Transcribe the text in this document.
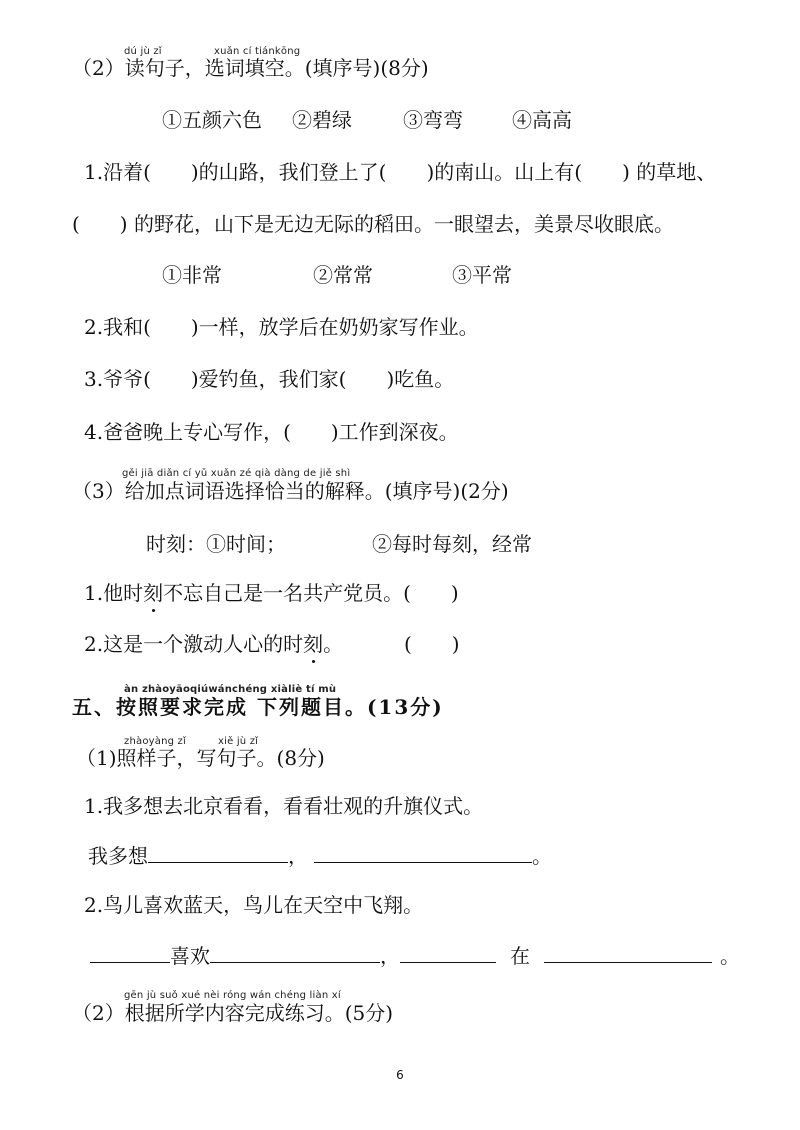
dú jù zǐ	xuǎn cí tiánkōng
（2）读句子，选词填空。(填序号)(8分)
①五颜六色 ②碧绿	③弯弯 ④高高
1.沿着(　　)的山路，我们登上了(　　)的南山。山上有(　　) 的草地、
(　　) 的野花，山下是无边无际的稻田。一眼望去，美景尽收眼底。
①非常	②常常	③平常
2.我和(　　)一样，放学后在奶奶家写作业。
3.爷爷(　　)爱钓鱼，我们家(　　)吃鱼。
4.爸爸晚上专心写作，(　　)工作到深夜。
gěi jiā diǎn cí yǔ xuǎn zé qià dàng de jiě shì
（3）给加点词语选择恰当的解释。(填序号)(2分)
时刻： ①时间；	②每时每刻，经常
1.他时刻不忘自己是一名共产党员。(　　)
2.这是一个激动人心的时刻。	(　　)
àn zhàoyāoqiúwánchéng xiàliè tí mù
五、按照要求完成 下列题目。(13分)
zhàoyàng zǐ	xiě jù zǐ
（1)照样子，写句子。(8分)
1.我多想去北京看看，看看壮观的升旗仪式。
我多想	，	。
2.鸟儿喜欢蓝天，鸟儿在天空中飞翔。
喜欢	，	在	。
gēn jù suǒ xué nèi róng wán chéng liàn xí
（2）根据所学内容完成练习。(5分)
6
